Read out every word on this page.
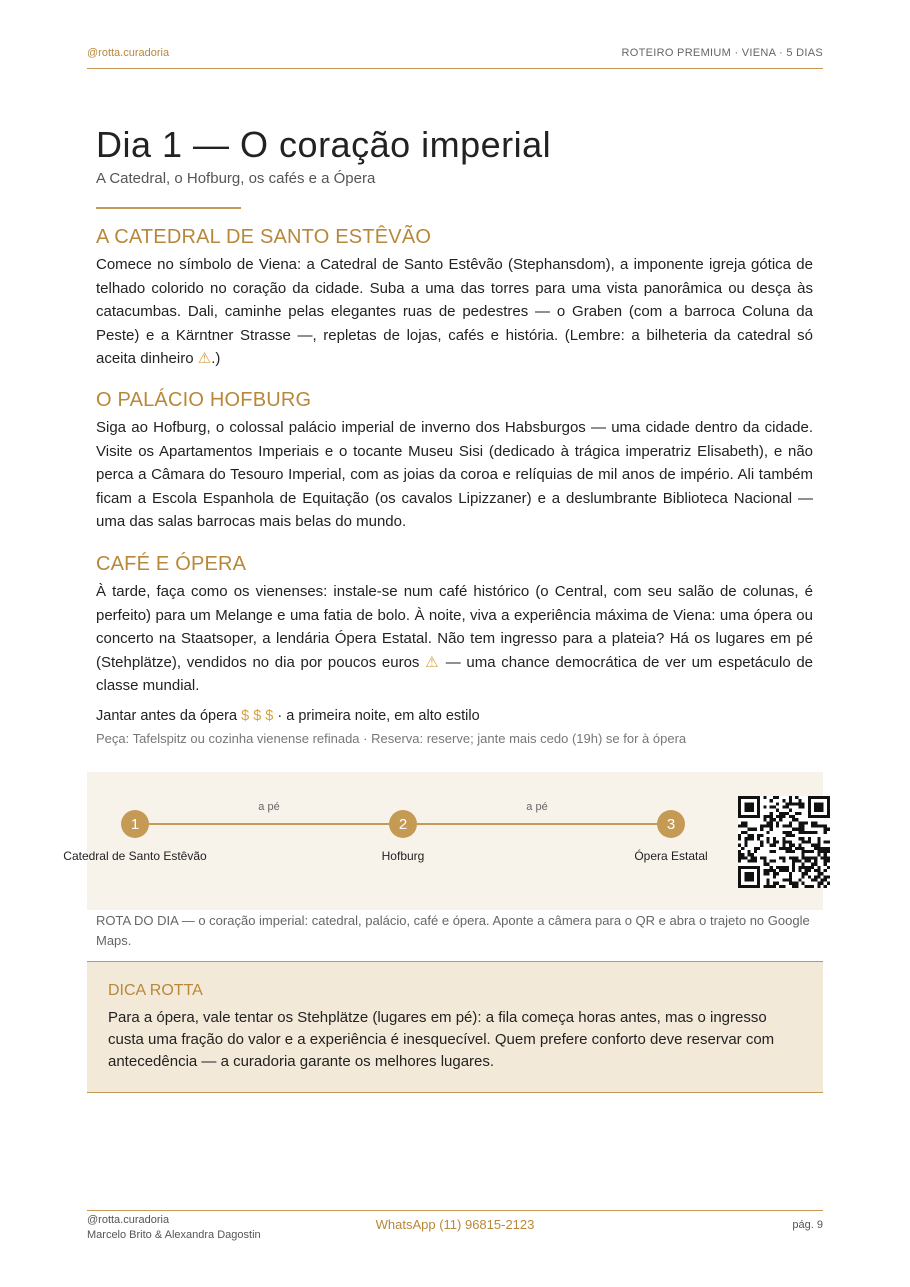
@rotta.curadoria	ROTEIRO PREMIUM · VIENA · 5 DIAS
Dia 1 — O coração imperial
A Catedral, o Hofburg, os cafés e a Ópera
A CATEDRAL DE SANTO ESTÊVÃO

Comece no símbolo de Viena: a Catedral de Santo Estêvão (Stephansdom), a imponente igreja gótica de telhado colorido no coração da cidade. Suba a uma das torres para uma vista panorâmica ou desça às catacumbas. Dali, caminhe pelas elegantes ruas de pedestres — o Graben (com a barroca Coluna da Peste) e a Kärntner Strasse —, repletas de lojas, cafés e história. (Lembre: a bilheteria da catedral só aceita dinheiro ⚠.)

O PALÁCIO HOFBURG

Siga ao Hofburg, o colossal palácio imperial de inverno dos Habsburgos — uma cidade dentro da cidade. Visite os Apartamentos Imperiais e o tocante Museu Sisi (dedicado à trágica imperatriz Elisabeth), e não perca a Câmara do Tesouro Imperial, com as joias da coroa e relíquias de mil anos de império. Ali também ficam a Escola Espanhola de Equitação (os cavalos Lipizzaner) e a deslumbrante Biblioteca Nacional — uma das salas barrocas mais belas do mundo.

CAFÉ E ÓPERA

À tarde, faça como os vienenses: instale-se num café histórico (o Central, com seu salão de colunas, é perfeito) para um Melange e uma fatia de bolo. À noite, viva a experiência máxima de Viena: uma ópera ou concerto na Staatsoper, a lendária Ópera Estatal. Não tem ingresso para a plateia? Há os lugares em pé (Stehplätze), vendidos no dia por poucos euros ⚠ — uma chance democrática de ver um espetáculo de classe mundial.

Jantar antes da ópera $ $ $ · a primeira noite, em alto estilo
Peça: Tafelspitz ou cozinha vienense refinada · Reserva: reserve; jante mais cedo (19h) se for à ópera
a pé	a pé
1	2	3
Catedral de Santo Estêvão	Hofburg	Ópera Estatal
ROTA DO DIA — o coração imperial: catedral, palácio, café e ópera. Aponte a câmera para o QR e abra o trajeto no Google Maps.
DICA ROTTA

Para a ópera, vale tentar os Stehplätze (lugares em pé): a fila começa horas antes, mas o ingresso custa uma fração do valor e a experiência é inesquecível. Quem prefere conforto deve reservar com antecedência — a curadoria garante os melhores lugares.

@rotta.curadoria
Marcelo Brito & Alexandra Dagostin
WhatsApp (11) 96815-2123	pág. 9
